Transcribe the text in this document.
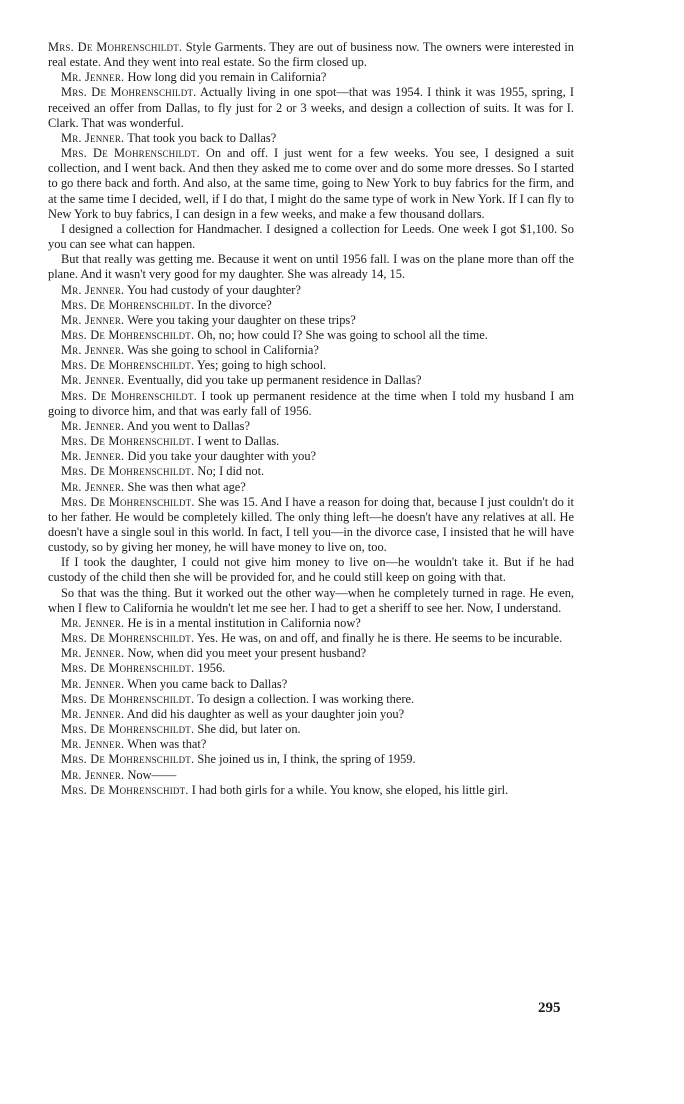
Mrs. De Mohrenschildt. Style Garments. They are out of business now. The owners were interested in real estate. And they went into real estate. So the firm closed up.

Mr. Jenner. How long did you remain in California?

Mrs. De Mohrenschildt. Actually living in one spot—that was 1954. I think it was 1955, spring, I received an offer from Dallas, to fly just for 2 or 3 weeks, and design a collection of suits. It was for I. Clark. That was wonderful.

Mr. Jenner. That took you back to Dallas?

Mrs. De Mohrenschildt. On and off. I just went for a few weeks. You see, I designed a suit collection, and I went back. And then they asked me to come over and do some more dresses. So I started to go there back and forth. And also, at the same time, going to New York to buy fabrics for the firm, and at the same time I decided, well, if I do that, I might do the same type of work in New York. If I can fly to New York to buy fabrics, I can design in a few weeks, and make a few thousand dollars.

I designed a collection for Handmacher. I designed a collection for Leeds. One week I got $1,100. So you can see what can happen.

But that really was getting me. Because it went on until 1956 fall. I was on the plane more than off the plane. And it wasn't very good for my daughter. She was already 14, 15.

Mr. Jenner. You had custody of your daughter?

Mrs. De Mohrenschildt. In the divorce?

Mr. Jenner. Were you taking your daughter on these trips?

Mrs. De Mohrenschildt. Oh, no; how could I? She was going to school all the time.

Mr. Jenner. Was she going to school in California?

Mrs. De Mohrenschildt. Yes; going to high school.

Mr. Jenner. Eventually, did you take up permanent residence in Dallas?

Mrs. De Mohrenschildt. I took up permanent residence at the time when I told my husband I am going to divorce him, and that was early fall of 1956.

Mr. Jenner. And you went to Dallas?

Mrs. De Mohrenschildt. I went to Dallas.

Mr. Jenner. Did you take your daughter with you?

Mrs. De Mohrenschildt. No; I did not.

Mr. Jenner. She was then what age?

Mrs. De Mohrenschildt. She was 15. And I have a reason for doing that, because I just couldn't do it to her father. He would be completely killed. The only thing left—he doesn't have any relatives at all. He doesn't have a single soul in this world. In fact, I tell you—in the divorce case, I insisted that he will have custody, so by giving her money, he will have money to live on, too.

If I took the daughter, I could not give him money to live on—he wouldn't take it. But if he had custody of the child then she will be provided for, and he could still keep on going with that.

So that was the thing. But it worked out the other way—when he completely turned in rage. He even, when I flew to California he wouldn't let me see her. I had to get a sheriff to see her. Now, I understand.

Mr. Jenner. He is in a mental institution in California now?

Mrs. De Mohrenschildt. Yes. He was, on and off, and finally he is there. He seems to be incurable.

Mr. Jenner. Now, when did you meet your present husband?

Mrs. De Mohrenschildt. 1956.

Mr. Jenner. When you came back to Dallas?

Mrs. De Mohrenschildt. To design a collection. I was working there.

Mr. Jenner. And did his daughter as well as your daughter join you?

Mrs. De Mohrenschildt. She did, but later on.

Mr. Jenner. When was that?

Mrs. De Mohrenschildt. She joined us in, I think, the spring of 1959.

Mr. Jenner. Now——

Mrs. De Mohrenschidt. I had both girls for a while. You know, she eloped, his little girl.

295
